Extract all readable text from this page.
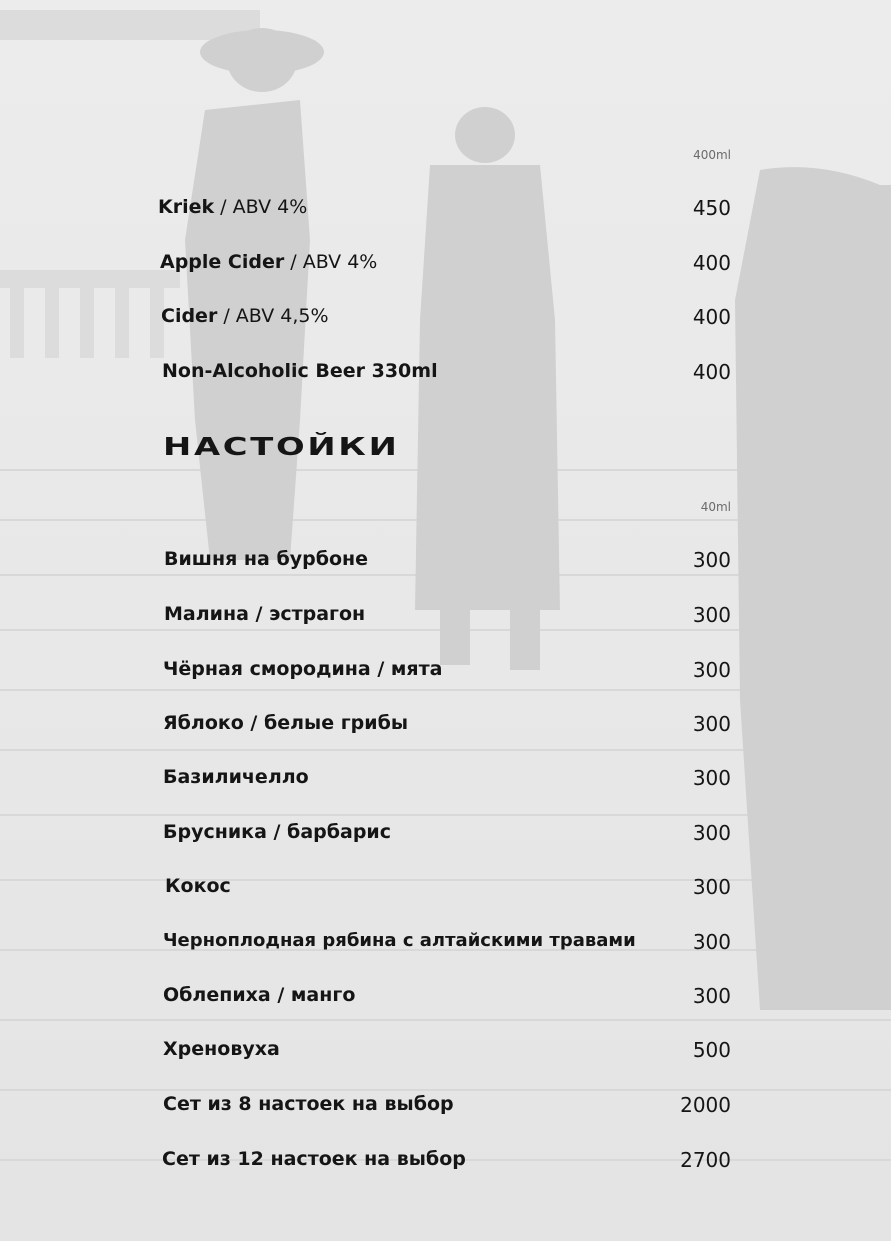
400ml
Kriek / ABV 4%	450
Apple Cider / ABV 4%	400
Cider / ABV 4,5%	400
Non-Alcoholic Beer 330ml	400
НАСТОЙКИ
40ml
Вишня на бурбоне	300
Малина / эстрагон	300
Чёрная смородина / мята	300
Яблоко / белые грибы	300
Базиличелло	300
Брусника / барбарис	300
Кокос	300
Черноплодная рябина с алтайскими травами	300
Облепиха / манго	300
Хреновуха	500
Сет из 8 настоек на выбор	2000
Сет из 12 настоек на выбор	2700
